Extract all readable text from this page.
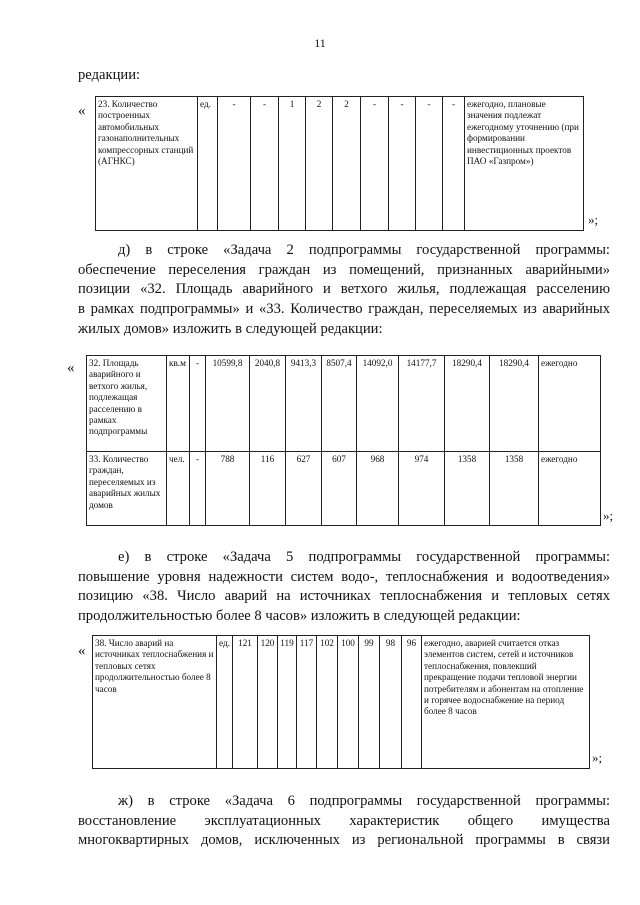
11
редакции:
« 23. Количество построенных автомобильных газонаполнительных компрессорных станций (АГНКС)	ед.	-	-	1	2	2	-	-	-	-	ежегодно, плановые значения подлежат ежегодному уточнению (при формировании инвестиционных проектов ПАО «Газпром»)
»;
д) в строке «Задача 2 подпрограммы государственной программы:
обеспечение переселения граждан из помещений, признанных аварийными»
позиции «32. Площадь аварийного и ветхого жилья, подлежащая расселению
в рамках подпрограммы» и «33. Количество граждан, переселяемых из аварийных
жилых домов» изложить в следующей редакции:
« 32. Площадь аварийного и ветхого жилья, подлежащая расселению в рамках подпрограммы	кв.м	-	10599,8	2040,8	9413,3	8507,4	14092,0	14177,7	18290,4	18290,4	ежегодно
33. Количество граждан, переселяемых из аварийных жилых домов	чел.	-	788	116	627	607	968	974	1358	1358	ежегодно
»;
е) в строке «Задача 5 подпрограммы государственной программы:
повышение уровня надежности систем водо-, теплоснабжения и водоотведения»
позицию «38. Число аварий на источниках теплоснабжения и тепловых сетях
продолжительностью более 8 часов» изложить в следующей редакции:
« 38. Число аварий на источниках теплоснабжения и тепловых сетях продолжительностью более 8 часов	ед.	121	120	119	117	102	100	99	98	96	ежегодно, аварией считается отказ элементов систем, сетей и источников теплоснабжения, повлекший прекращение подачи тепловой энергии потребителям и абонентам на отопление и горячее водоснабжение на период более 8 часов
»;
ж) в строке «Задача 6 подпрограммы государственной программы:
восстановление эксплуатационных характеристик общего имущества
многоквартирных домов, исключенных из региональной программы в связи
